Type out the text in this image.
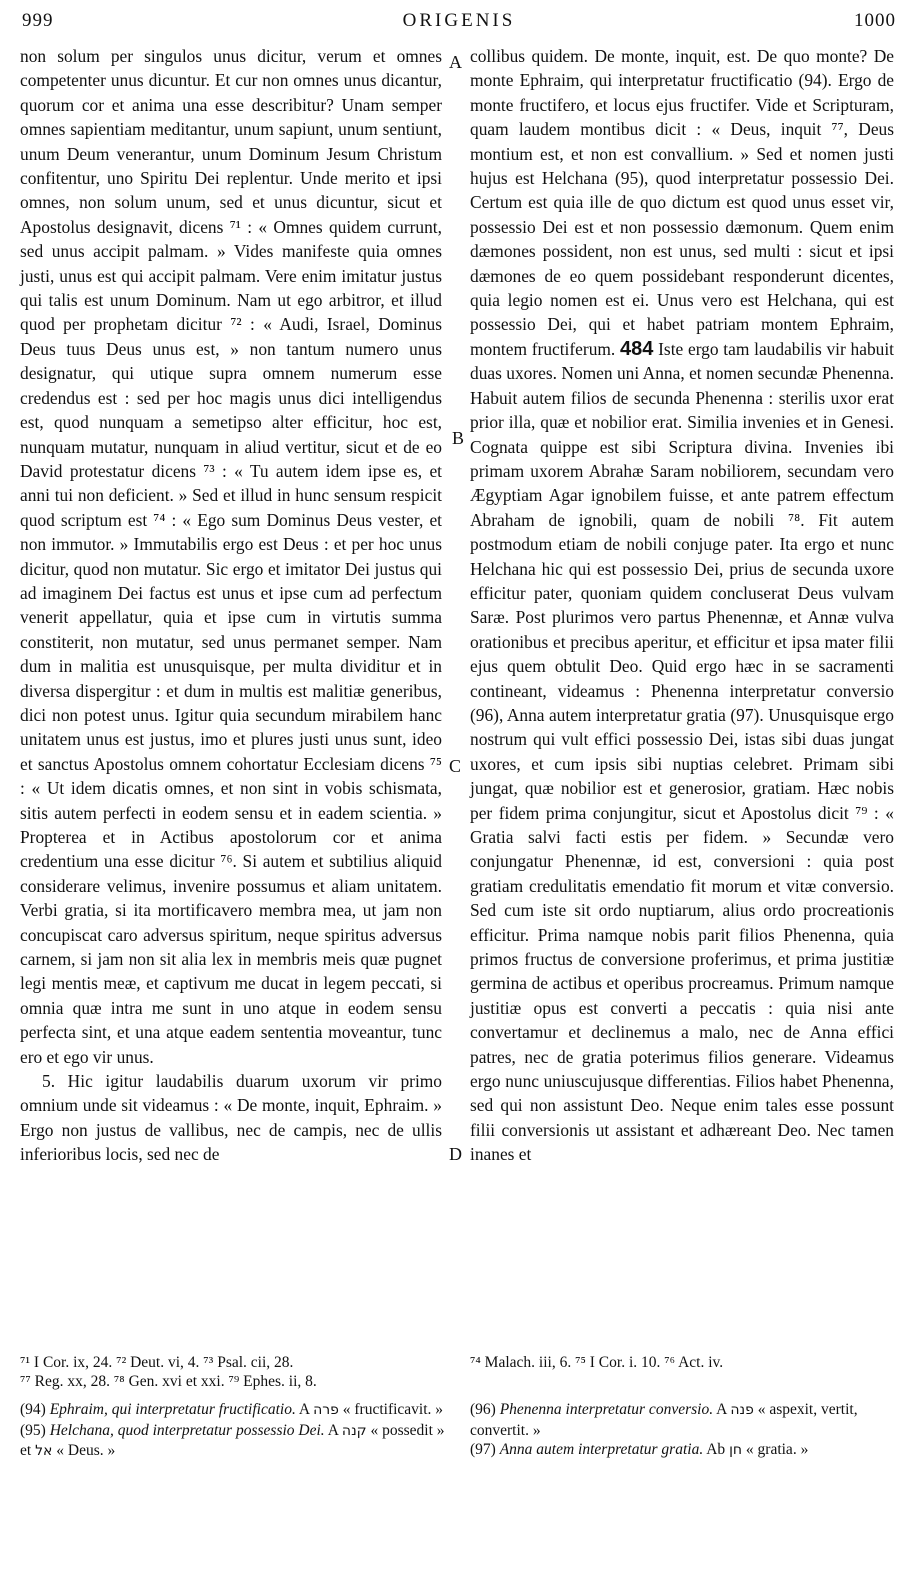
999	ORIGENIS	1000

non solum per singulos unus dicitur, verum et omnes competenter unus dicuntur. Et cur non omnes unus dicantur, quorum cor et anima una esse describitur? Unam semper omnes sapientiam meditantur, unum sapiunt, unum sentiunt, unum Deum venerantur, unum Dominum Jesum Christum confitentur, uno Spiritu Dei replentur. Unde merito et ipsi omnes, non solum unum, sed et unus dicuntur, sicut et Apostolus designavit, dicens ⁷¹ : « Omnes quidem currunt, sed unus accipit palmam. » Vides manifeste quia omnes justi, unus est qui accipit palmam. Vere enim imitatur justus qui talis est unum Dominum. Nam ut ego arbitror, et illud quod per prophetam dicitur ⁷² : « Audi, Israel, Dominus Deus tuus Deus unus est, » non tantum numero unus designatur, qui utique supra omnem numerum esse credendus est : sed per hoc magis unus dici intelligendus est, quod nunquam a semetipso alter efficitur, hoc est, nunquam mutatur, nunquam in aliud vertitur, sicut et de eo David protestatur dicens ⁷³ : « Tu autem idem ipse es, et anni tui non deficient. » Sed et illud in hunc sensum respicit quod scriptum est ⁷⁴ : « Ego sum Dominus Deus vester, et non immutor. » Immutabilis ergo est Deus : et per hoc unus dicitur, quod non mutatur. Sic ergo et imitator Dei justus qui ad imaginem Dei factus est unus et ipse cum ad perfectum venerit appellatur, quia et ipse cum in virtutis summa constiterit, non mutatur, sed unus permanet semper. Nam dum in malitia est unusquisque, per multa dividitur et in diversa dispergitur : et dum in multis est malitiæ generibus, dici non potest unus. Igitur quia secundum mirabilem hanc unitatem unus est justus, imo et plures justi unus sunt, ideo et sanctus Apostolus omnem cohortatur Ecclesiam dicens ⁷⁵ : « Ut idem dicatis omnes, et non sint in vobis schismata, sitis autem perfecti in eodem sensu et in eadem scientia. » Propterea et in Actibus apostolorum cor et anima credentium una esse dicitur ⁷⁶. Si autem et subtilius aliquid considerare velimus, invenire possumus et aliam unitatem. Verbi gratia, si ita mortificavero membra mea, ut jam non concupiscat caro adversus spiritum, neque spiritus adversus carnem, si jam non sit alia lex in membris meis quæ pugnet legi mentis meæ, et captivum me ducat in legem peccati, si omnia quæ intra me sunt in uno atque in eodem sensu perfecta sint, et una atque eadem sententia moveantur, tunc ero et ego vir unus.

5. Hic igitur laudabilis duarum uxorum vir primo omnium unde sit videamus : « De monte, inquit, Ephraim. » Ergo non justus de vallibus, nec de campis, nec de ullis inferioribus locis, sed nec de

A
B
C
D

collibus quidem. De monte, inquit, est. De quo monte? De monte Ephraim, qui interpretatur fructificatio (94). Ergo de monte fructifero, et locus ejus fructifer. Vide et Scripturam, quam laudem montibus dicit : « Deus, inquit ⁷⁷, Deus montium est, et non est convallium. » Sed et nomen justi hujus est Helchana (95), quod interpretatur possessio Dei. Certum est quia ille de quo dictum est quod unus esset vir, possessio Dei est et non possessio dæmonum. Quem enim dæmones possident, non est unus, sed multi : sicut et ipsi dæmones de eo quem possidebant responderunt dicentes, quia legio nomen est ei. Unus vero est Helchana, qui est possessio Dei, qui et habet patriam montem Ephraim, montem fructiferum. 484 Iste ergo tam laudabilis vir habuit duas uxores. Nomen uni Anna, et nomen secundæ Phenenna. Habuit autem filios de secunda Phenenna : sterilis uxor erat prior illa, quæ et nobilior erat. Similia invenies et in Genesi. Cognata quippe est sibi Scriptura divina. Invenies ibi primam uxorem Abrahæ Saram nobiliorem, secundam vero Ægyptiam Agar ignobilem fuisse, et ante patrem effectum Abraham de ignobili, quam de nobili ⁷⁸. Fit autem postmodum etiam de nobili conjuge pater. Ita ergo et nunc Helchana hic qui est possessio Dei, prius de secunda uxore efficitur pater, quoniam quidem concluserat Deus vulvam Saræ. Post plurimos vero partus Phenennæ, et Annæ vulva orationibus et precibus aperitur, et efficitur et ipsa mater filii ejus quem obtulit Deo. Quid ergo hæc in se sacramenti contineant, videamus : Phenenna interpretatur conversio (96), Anna autem interpretatur gratia (97). Unusquisque ergo nostrum qui vult effici possessio Dei, istas sibi duas jungat uxores, et cum ipsis sibi nuptias celebret. Primam sibi jungat, quæ nobilior est et generosior, gratiam. Hæc nobis per fidem prima conjungitur, sicut et Apostolus dicit ⁷⁹ : « Gratia salvi facti estis per fidem. » Secundæ vero conjungatur Phenennæ, id est, conversioni : quia post gratiam credulitatis emendatio fit morum et vitæ conversio. Sed cum iste sit ordo nuptiarum, alius ordo procreationis efficitur. Prima namque nobis parit filios Phenenna, quia primos fructus de conversione proferimus, et prima justitiæ germina de actibus et operibus procreamus. Primum namque justitiæ opus est converti a peccatis : quia nisi ante convertamur et declinemus a malo, nec de Anna effici patres, nec de gratia poterimus filios generare. Videamus ergo nunc uniuscujusque differentias. Filios habet Phenenna, sed qui non assistunt Deo. Neque enim tales esse possunt filii conversionis ut assistant et adhæreant Deo. Nec tamen inanes et

⁷¹ I Cor. ix, 24. ⁷² Deut. vi, 4. ⁷³ Psal. cii, 28.	⁷⁴ Malach. iii, 6. ⁷⁵ I Cor. i. 10. ⁷⁶ Act. iv.
⁷⁷ Reg. xx, 28. ⁷⁸ Gen. xvi et xxi. ⁷⁹ Ephes. ii, 8.

(94) Ephraim, qui interpretatur fructificatio. A פרה « fructificavit. »

(95) Helchana, quod interpretatur possessio Dei. A קנה « possedit » et אל « Deus. »

(96) Phenenna interpretatur conversio. A פנה « aspexit, vertit, convertit. »

(97) Anna autem interpretatur gratia. Ab חן « gratia. »
